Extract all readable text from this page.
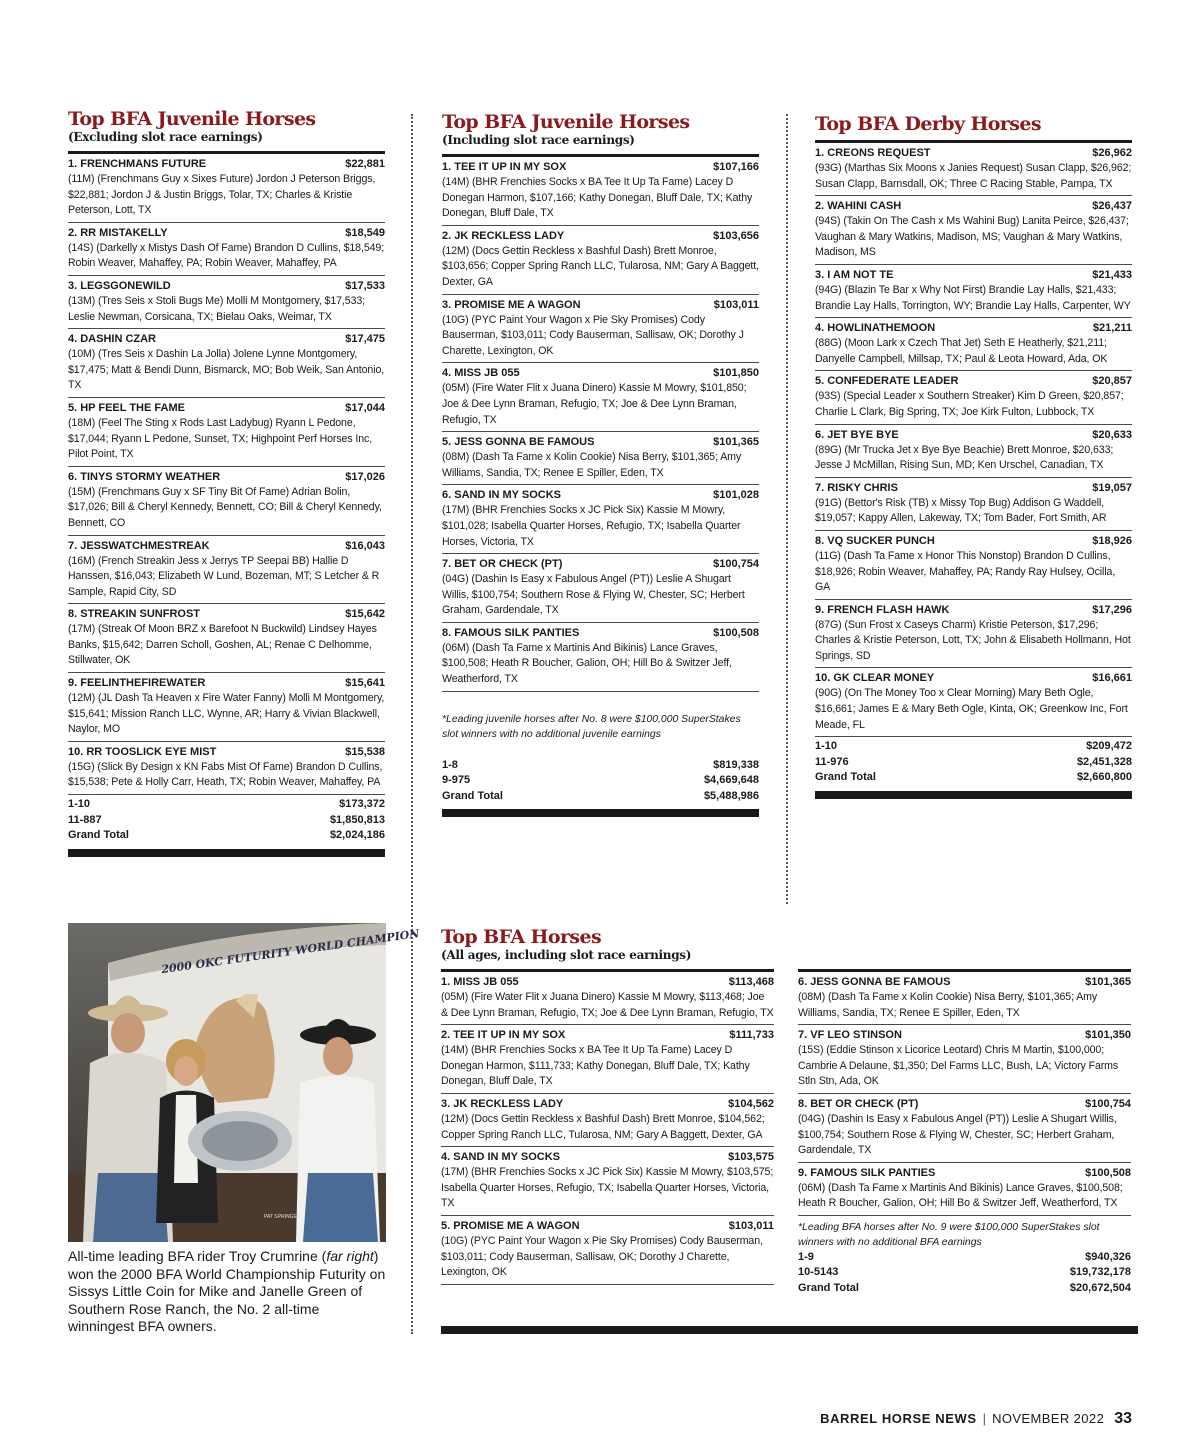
Top BFA Juvenile Horses
(Excluding slot race earnings)
1. FRENCHMANS FUTURE	$22,881
(11M) (Frenchmans Guy x Sixes Future) Jordon J Peterson Briggs, $22,881; Jordon J & Justin Briggs, Tolar, TX; Charles & Kristie Peterson, Lott, TX
2. RR MISTAKELLY	$18,549
(14S) (Darkelly x Mistys Dash Of Fame) Brandon D Cullins, $18,549; Robin Weaver, Mahaffey, PA; Robin Weaver, Mahaffey, PA
3. LEGSGONEWILD	$17,533
(13M) (Tres Seis x Stoli Bugs Me) Molli M Montgomery, $17,533; Leslie Newman, Corsicana, TX; Bielau Oaks, Weimar, TX
4. DASHIN CZAR	$17,475
(10M) (Tres Seis x Dashin La Jolla) Jolene Lynne Montgomery, $17,475; Matt & Bendi Dunn, Bismarck, MO; Bob Weik, San Antonio, TX
5. HP FEEL THE FAME	$17,044
(18M) (Feel The Sting x Rods Last Ladybug) Ryann L Pedone, $17,044; Ryann L Pedone, Sunset, TX; Highpoint Perf Horses Inc, Pilot Point, TX
6. TINYS STORMY WEATHER	$17,026
(15M) (Frenchmans Guy x SF Tiny Bit Of Fame) Adrian Bolin, $17,026; Bill & Cheryl Kennedy, Bennett, CO; Bill & Cheryl Kennedy, Bennett, CO
7. JESSWATCHMESTREAK	$16,043
(16M) (French Streakin Jess x Jerrys TP Seepai BB) Hallie D Hanssen, $16,043; Elizabeth W Lund, Bozeman, MT; S Letcher & R Sample, Rapid City, SD
8. STREAKIN SUNFROST	$15,642
(17M) (Streak Of Moon BRZ x Barefoot N Buckwild) Lindsey Hayes Banks, $15,642; Darren Scholl, Goshen, AL; Renae C Delhomme, Stillwater, OK
9. FEELINTHEFIREWATER	$15,641
(12M) (JL Dash Ta Heaven x Fire Water Fanny) Molli M Montgomery, $15,641; Mission Ranch LLC, Wynne, AR; Harry & Vivian Blackwell, Naylor, MO
10. RR TOOSLICK EYE MIST	$15,538
(15G) (Slick By Design x KN Fabs Mist Of Fame) Brandon D Cullins, $15,538; Pete & Holly Carr, Heath, TX; Robin Weaver, Mahaffey, PA
1-10	$173,372
11-887	$1,850,813
Grand Total	$2,024,186
Top BFA Juvenile Horses
(Including slot race earnings)
1. TEE IT UP IN MY SOX	$107,166
(14M) (BHR Frenchies Socks x BA Tee It Up Ta Fame) Lacey D Donegan Harmon, $107,166; Kathy Donegan, Bluff Dale, TX; Kathy Donegan, Bluff Dale, TX
2. JK RECKLESS LADY	$103,656
(12M) (Docs Gettin Reckless x Bashful Dash) Brett Monroe, $103,656; Copper Spring Ranch LLC, Tularosa, NM; Gary A Baggett, Dexter, GA
3. PROMISE ME A WAGON	$103,011
(10G) (PYC Paint Your Wagon x Pie Sky Promises) Cody Bauserman, $103,011; Cody Bauserman, Sallisaw, OK; Dorothy J Charette, Lexington, OK
4. MISS JB 055	$101,850
(05M) (Fire Water Flit x Juana Dinero) Kassie M Mowry, $101,850; Joe & Dee Lynn Braman, Refugio, TX; Joe & Dee Lynn Braman, Refugio, TX
5. JESS GONNA BE FAMOUS	$101,365
(08M) (Dash Ta Fame x Kolin Cookie) Nisa Berry, $101,365; Amy Williams, Sandia, TX; Renee E Spiller, Eden, TX
6. SAND IN MY SOCKS	$101,028
(17M) (BHR Frenchies Socks x JC Pick Six) Kassie M Mowry, $101,028; Isabella Quarter Horses, Refugio, TX; Isabella Quarter Horses, Victoria, TX
7. BET OR CHECK (PT)	$100,754
(04G) (Dashin Is Easy x Fabulous Angel (PT)) Leslie A Shugart Willis, $100,754; Southern Rose & Flying W, Chester, SC; Herbert Graham, Gardendale, TX
8. FAMOUS SILK PANTIES	$100,508
(06M) (Dash Ta Fame x Martinis And Bikinis) Lance Graves, $100,508; Heath R Boucher, Galion, OH; Hill Bo & Switzer Jeff, Weatherford, TX
*Leading juvenile horses after No. 8 were $100,000 SuperStakes slot winners with no additional juvenile earnings
1-8	$819,338
9-975	$4,669,648
Grand Total	$5,488,986
Top BFA Derby Horses
1. CREONS REQUEST	$26,962
(93G) (Marthas Six Moons x Janies Request) Susan Clapp, $26,962; Susan Clapp, Barnsdall, OK; Three C Racing Stable, Pampa, TX
2. WAHINI CASH	$26,437
(94S) (Takin On The Cash x Ms Wahini Bug) Lanita Peirce, $26,437; Vaughan & Mary Watkins, Madison, MS; Vaughan & Mary Watkins, Madison, MS
3. I AM NOT TE	$21,433
(94G) (Blazin Te Bar x Why Not First) Brandie Lay Halls, $21,433; Brandie Lay Halls, Torrington, WY; Brandie Lay Halls, Carpenter, WY
4. HOWLINATHEMOON	$21,211
(88G) (Moon Lark x Czech That Jet) Seth E Heatherly, $21,211; Danyelle Campbell, Millsap, TX; Paul & Leota Howard, Ada, OK
5. CONFEDERATE LEADER	$20,857
(93S) (Special Leader x Southern Streaker) Kim D Green, $20,857; Charlie L Clark, Big Spring, TX; Joe Kirk Fulton, Lubbock, TX
6. JET BYE BYE	$20,633
(89G) (Mr Trucka Jet x Bye Bye Beachie) Brett Monroe, $20,633; Jesse J McMillan, Rising Sun, MD; Ken Urschel, Canadian, TX
7. RISKY CHRIS	$19,057
(91G) (Bettor's Risk (TB) x Missy Top Bug) Addison G Waddell, $19,057; Kappy Allen, Lakeway, TX; Tom Bader, Fort Smith, AR
8. VQ SUCKER PUNCH	$18,926
(11G) (Dash Ta Fame x Honor This Nonstop) Brandon D Cullins, $18,926; Robin Weaver, Mahaffey, PA; Randy Ray Hulsey, Ocilla, GA
9. FRENCH FLASH HAWK	$17,296
(87G) (Sun Frost x Caseys Charm) Kristie Peterson, $17,296; Charles & Kristie Peterson, Lott, TX; John & Elisabeth Hollmann, Hot Springs, SD
10. GK CLEAR MONEY	$16,661
(90G) (On The Money Too x Clear Morning) Mary Beth Ogle, $16,661; James E & Mary Beth Ogle, Kinta, OK; Greenkow Inc, Fort Meade, FL
1-10	$209,472
11-976	$2,451,328
Grand Total	$2,660,800
2000 OKC FUTURITY WORLD CHAMPION
PAT SPRINGER
All-time leading BFA rider Troy Crumrine (far right) won the 2000 BFA World Championship Futurity on Sissys Little Coin for Mike and Janelle Green of Southern Rose Ranch, the No. 2 all-time winningest BFA owners.
Top BFA Horses
(All ages, including slot race earnings)
1. MISS JB 055	$113,468
(05M) (Fire Water Flit x Juana Dinero) Kassie M Mowry, $113,468; Joe & Dee Lynn Braman, Refugio, TX; Joe & Dee Lynn Braman, Refugio, TX
2. TEE IT UP IN MY SOX	$111,733
(14M) (BHR Frenchies Socks x BA Tee It Up Ta Fame) Lacey D Donegan Harmon, $111,733; Kathy Donegan, Bluff Dale, TX; Kathy Donegan, Bluff Dale, TX
3. JK RECKLESS LADY	$104,562
(12M) (Docs Gettin Reckless x Bashful Dash) Brett Monroe, $104,562; Copper Spring Ranch LLC, Tularosa, NM; Gary A Baggett, Dexter, GA
4. SAND IN MY SOCKS	$103,575
(17M) (BHR Frenchies Socks x JC Pick Six) Kassie M Mowry, $103,575; Isabella Quarter Horses, Refugio, TX; Isabella Quarter Horses, Victoria, TX
5. PROMISE ME A WAGON	$103,011
(10G) (PYC Paint Your Wagon x Pie Sky Promises) Cody Bauserman, $103,011; Cody Bauserman, Sallisaw, OK; Dorothy J Charette, Lexington, OK
6. JESS GONNA BE FAMOUS	$101,365
(08M) (Dash Ta Fame x Kolin Cookie) Nisa Berry, $101,365; Amy Williams, Sandia, TX; Renee E Spiller, Eden, TX
7. VF LEO STINSON	$101,350
(15S) (Eddie Stinson x Licorice Leotard) Chris M Martin, $100,000; Cambrie A Delaune, $1,350; Del Farms LLC, Bush, LA; Victory Farms Stln Stn, Ada, OK
8. BET OR CHECK (PT)	$100,754
(04G) (Dashin Is Easy x Fabulous Angel (PT)) Leslie A Shugart Willis, $100,754; Southern Rose & Flying W, Chester, SC; Herbert Graham, Gardendale, TX
9. FAMOUS SILK PANTIES	$100,508
(06M) (Dash Ta Fame x Martinis And Bikinis) Lance Graves, $100,508; Heath R Boucher, Galion, OH; Hill Bo & Switzer Jeff, Weatherford, TX
*Leading BFA horses after No. 9 were $100,000 SuperStakes slot winners with no additional BFA earnings
1-9	$940,326
10-5143	$19,732,178
Grand Total	$20,672,504
BARREL HORSE NEWS | NOVEMBER 2022 33
